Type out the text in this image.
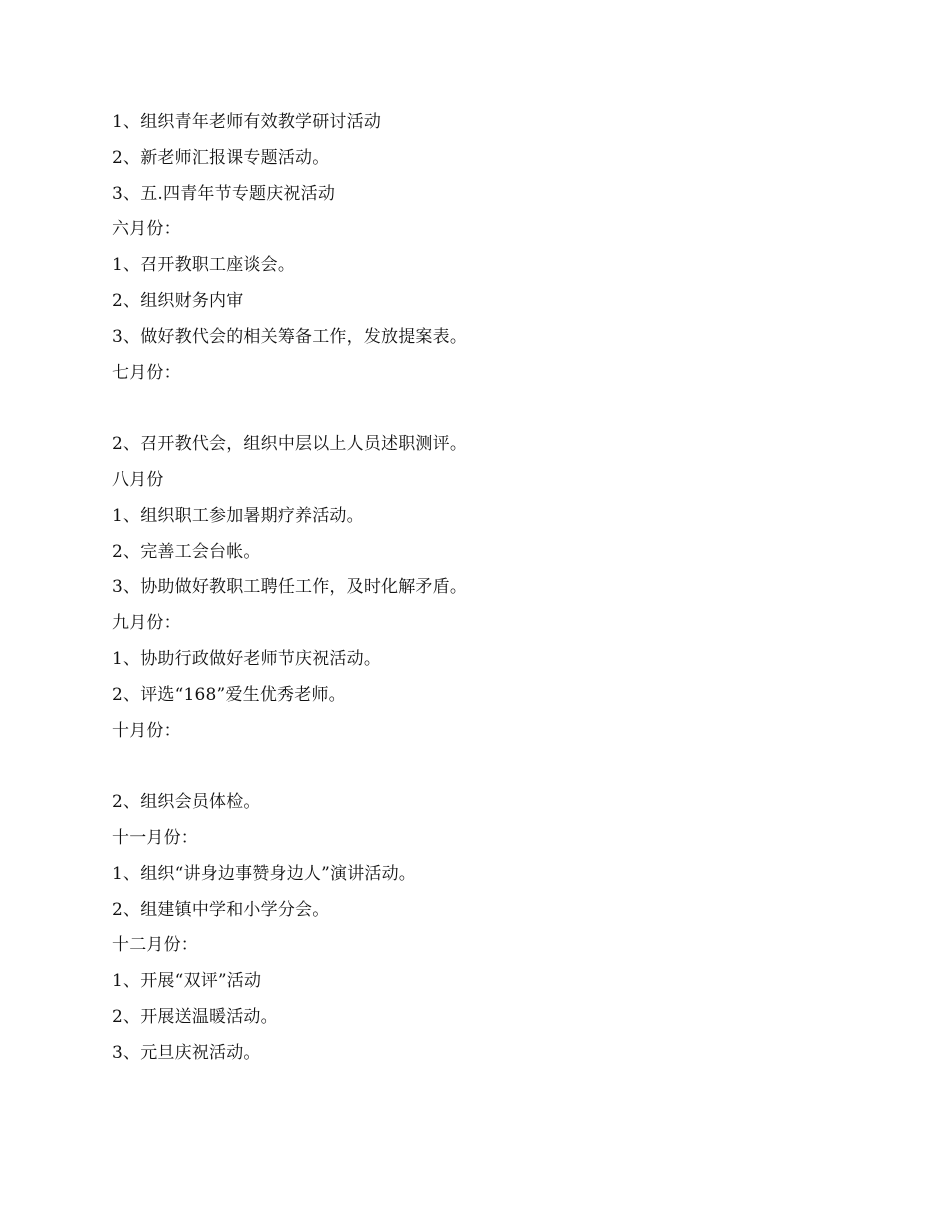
1、组织青年老师有效教学研讨活动
2、新老师汇报课专题活动。
3、五.四青年节专题庆祝活动
六月份：
1、召开教职工座谈会。
2、组织财务内审
3、做好教代会的相关筹备工作，发放提案表。
七月份：
2、召开教代会，组织中层以上人员述职测评。
八月份
1、组织职工参加暑期疗养活动。
2、完善工会台帐。
3、协助做好教职工聘任工作，及时化解矛盾。
九月份：
1、协助行政做好老师节庆祝活动。
2、评选“168”爱生优秀老师。
十月份：
2、组织会员体检。
十一月份：
1、组织“讲身边事赞身边人”演讲活动。
2、组建镇中学和小学分会。
十二月份：
1、开展“双评”活动
2、开展送温暖活动。
3、元旦庆祝活动。
